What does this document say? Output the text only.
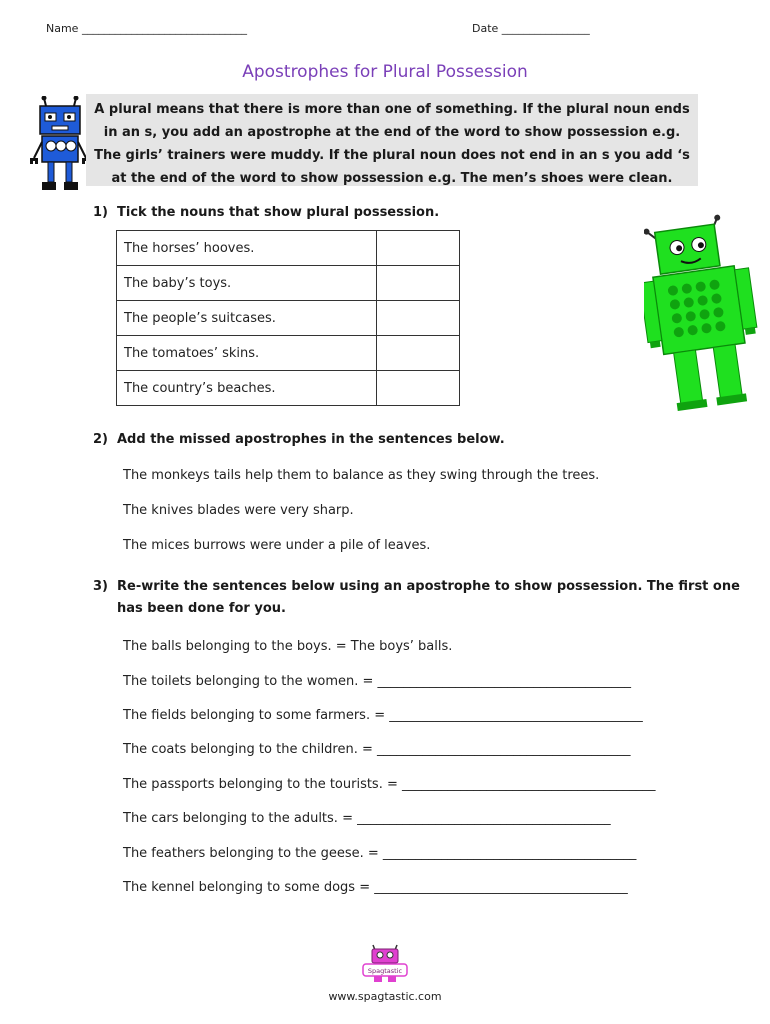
Name ______________________________	Date ________________
Apostrophes for Plural Possession

A plural means that there is more than one of something. If the plural noun ends in an s, you add an apostrophe at the end of the word to show possession e.g. The girls’ trainers were muddy. If the plural noun does not end in an s you add ‘s at the end of the word to show possession e.g. The men’s shoes were clean.

1) Tick the nouns that show plural possession.
The horses’ hooves.	
The baby’s toys.	
The people’s suitcases.	
The tomatoes’ skins.	
The country’s beaches.	
2) Add the missed apostrophes in the sentences below.
The monkeys tails help them to balance as they swing through the trees.
The knives blades were very sharp.
The mices burrows were under a pile of leaves.
3) Re-write the sentences below using an apostrophe to show possession. The first one
has been done for you.
The balls belonging to the boys. = The boys’ balls.
The toilets belonging to the women. = _______________________________________
The fields belonging to some farmers. = _______________________________________
The coats belonging to the children. = _______________________________________
The passports belonging to the tourists. = _______________________________________
The cars belonging to the adults. = _______________________________________
The feathers belonging to the geese. = _______________________________________
The kennel belonging to some dogs = _______________________________________
Spagtastic
www.spagtastic.com
